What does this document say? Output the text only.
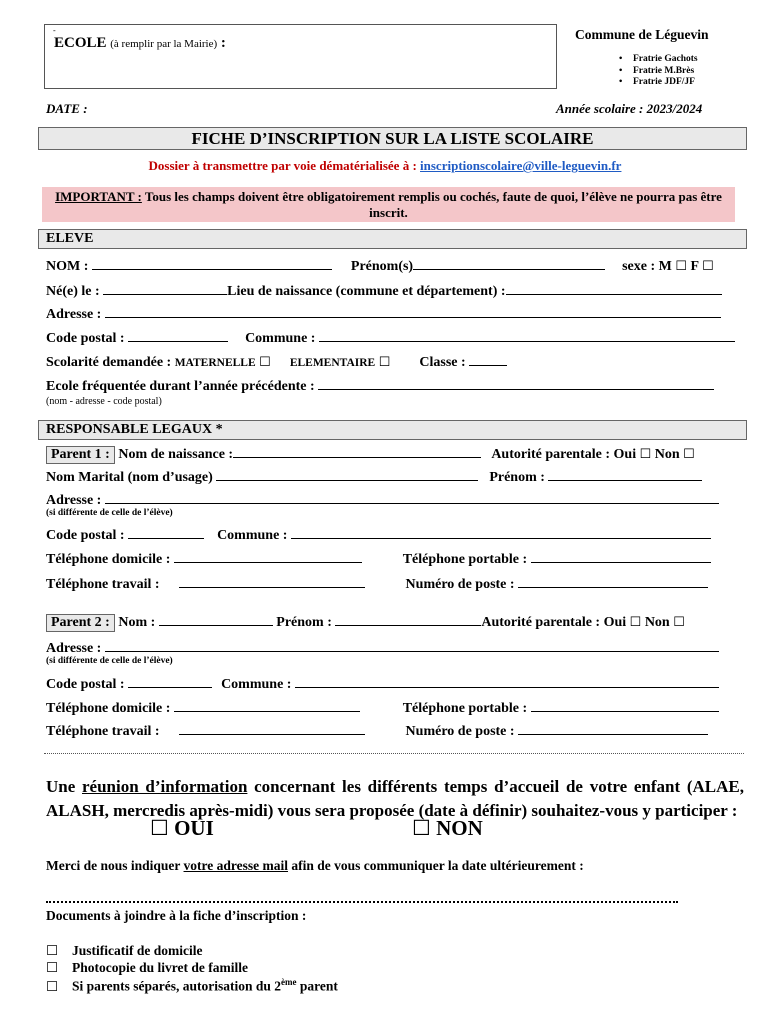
-
ECOLE (à remplir par la Mairie) :
Commune de Léguevin
• Fratrie Gachots
• Fratrie M.Brès
• Fratrie JDF/JF
DATE :	Année scolaire : 2023/2024
FICHE D’INSCRIPTION SUR LA LISTE SCOLAIRE
Dossier à transmettre par voie dématérialisée à : inscriptionscolaire@ville-leguevin.fr
IMPORTANT : Tous les champs doivent être obligatoirement remplis ou cochés, faute de quoi, l’élève ne pourra pas être inscrit.
ELEVE
NOM :	Prénom(s)	sexe : M ☐ F ☐
Né(e) le :	Lieu de naissance (commune et département) :
Adresse :
Code postal :	Commune :
Scolarité demandée : MATERNELLE ☐ ELEMENTAIRE ☐ Classe :
Ecole fréquentée durant l’année précédente :
(nom - adresse - code postal)
RESPONSABLE LEGAUX *
Parent 1 : Nom de naissance :	Autorité parentale : Oui ☐ Non ☐
Nom Marital (nom d’usage)	Prénom :
Adresse :
(si différente de celle de l’élève)
Code postal :	Commune :
Téléphone domicile :	Téléphone portable :
Téléphone travail :	Numéro de poste :
Parent 2 : Nom :	Prénom :	Autorité parentale : Oui ☐ Non ☐
Adresse :
(si différente de celle de l’élève)
Code postal :	Commune :
Téléphone domicile :	Téléphone portable :
Téléphone travail :	Numéro de poste :
Une réunion d’information concernant les différents temps d’accueil de votre enfant (ALAE, ALASH, mercredis après-midi) vous sera proposée (date à définir) souhaitez-vous y participer :
☐ OUI	☐ NON
Merci de nous indiquer votre adresse mail afin de vous communiquer la date ultérieurement :
Documents à joindre à la fiche d’inscription :
☐ Justificatif de domicile
☐ Photocopie du livret de famille
☐ Si parents séparés, autorisation du 2ème parent
